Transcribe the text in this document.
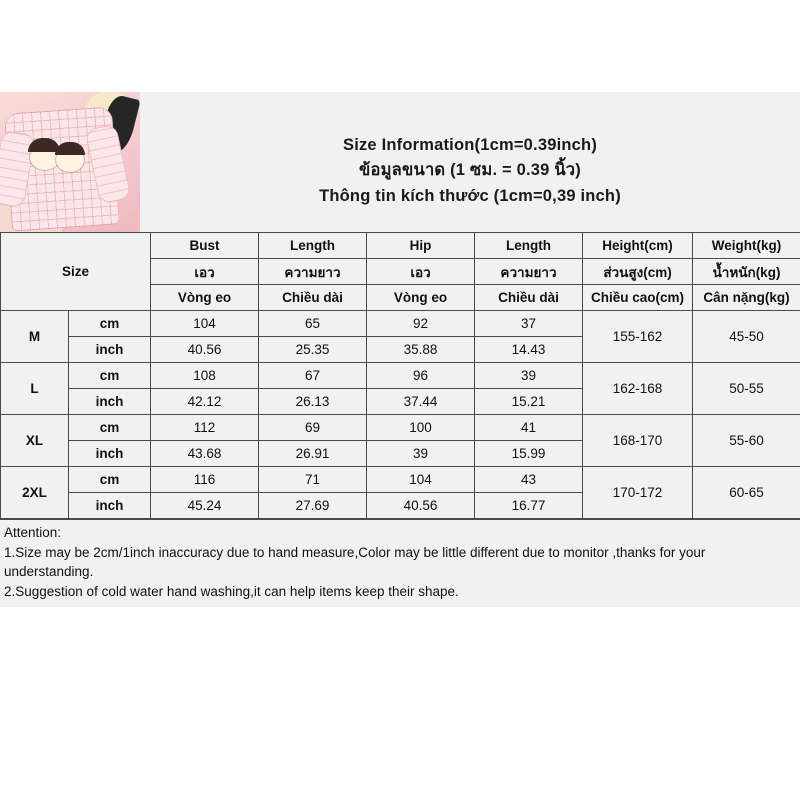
Size Information(1cm=0.39inch)
ข้อมูลขนาด (1 ซม. = 0.39 นิ้ว)
Thông tin kích thước (1cm=0,39 inch)
Size		Bust	Length	Hip	Length	Height(cm)	Weight(kg)
		เอว	ความยาว	เอว	ความยาว	ส่วนสูง(cm)	น้ำหนัก(kg)
		Vòng eo	Chiều dài	Vòng eo	Chiều dài	Chiều cao(cm)	Cân nặng(kg)
M	cm	104	65	92	37	155-162	45-50
	inch	40.56	25.35	35.88	14.43		
L	cm	108	67	96	39	162-168	50-55
	inch	42.12	26.13	37.44	15.21		
XL	cm	112	69	100	41	168-170	55-60
	inch	43.68	26.91	39	15.99		
2XL	cm	116	71	104	43	170-172	60-65
	inch	45.24	27.69	40.56	16.77		

Attention:

1.Size may be 2cm/1inch inaccuracy due to hand measure,Color may be little different due to monitor ,thanks for your

understanding.

2.Suggestion of cold water hand washing,it can help items keep their shape.
